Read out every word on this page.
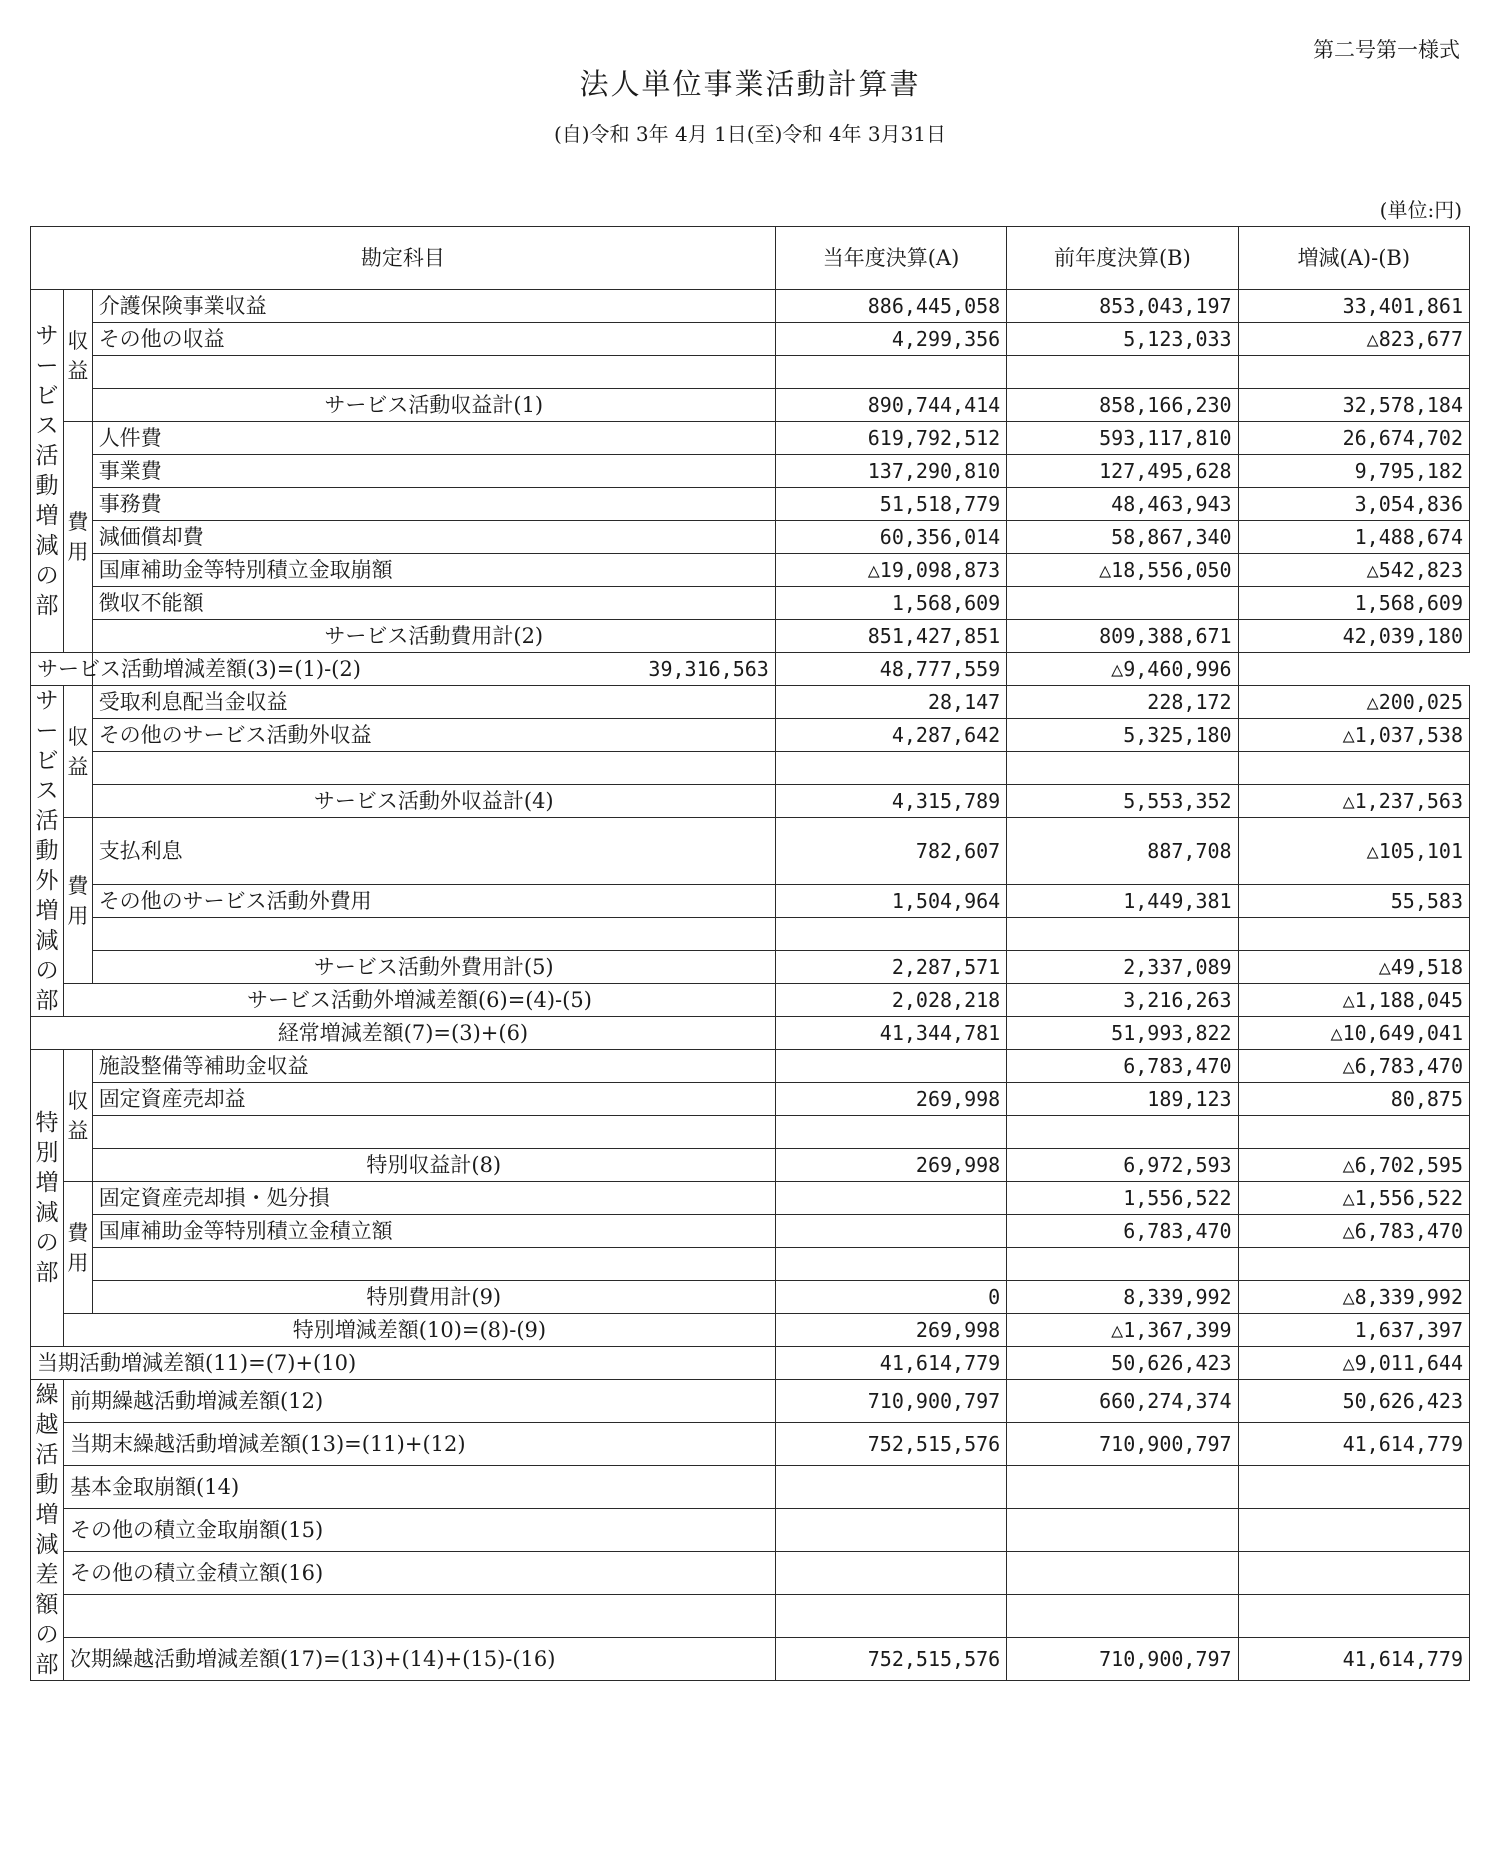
第二号第一様式
法人単位事業活動計算書
(自)令和 3年 4月 1日(至)令和 4年 3月31日
(単位:円)
勘定科目			当年度決算(A)	前年度決算(B)	増減(A)-(B)
サービス活動増減の部	収益	介護保険事業収益	886,445,058	853,043,197	33,401,861
		その他の収益	4,299,356	5,123,033	△823,677

		サービス活動収益計(1)	890,744,414	858,166,230	32,578,184
	費用	人件費	619,792,512	593,117,810	26,674,702
		事業費	137,290,810	127,495,628	9,795,182
		事務費	51,518,779	48,463,943	3,054,836
		減価償却費	60,356,014	58,867,340	1,488,674
		国庫補助金等特別積立金取崩額	△19,098,873	△18,556,050	△542,823
		徴収不能額	1,568,609		1,568,609
		サービス活動費用計(2)	851,427,851	809,388,671	42,039,180
サービス活動増減差額(3)=(1)-(2)		39,316,563	48,777,559	△9,460,996	
サービス活動外増減の部	収益	受取利息配当金収益	28,147	228,172	△200,025
		その他のサービス活動外収益	4,287,642	5,325,180	△1,037,538

		サービス活動外収益計(4)	4,315,789	5,553,352	△1,237,563
	費用	支払利息	782,607	887,708	△105,101
		その他のサービス活動外費用	1,504,964	1,449,381	55,583

		サービス活動外費用計(5)	2,287,571	2,337,089	△49,518
	サービス活動外増減差額(6)=(4)-(5)		2,028,218	3,216,263	△1,188,045
経常増減差額(7)=(3)+(6)			41,344,781	51,993,822	△10,649,041
特別増減の部	収益	施設整備等補助金収益		6,783,470	△6,783,470
		固定資産売却益	269,998	189,123	80,875

		特別収益計(8)	269,998	6,972,593	△6,702,595
	費用	固定資産売却損・処分損		1,556,522	△1,556,522
		国庫補助金等特別積立金積立額		6,783,470	△6,783,470

		特別費用計(9)	0	8,339,992	△8,339,992
	特別増減差額(10)=(8)-(9)		269,998	△1,367,399	1,637,397
当期活動増減差額(11)=(7)+(10)			41,614,779	50,626,423	△9,011,644
繰越活動増減差額の部	前期繰越活動増減差額(12)		710,900,797	660,274,374	50,626,423
	当期末繰越活動増減差額(13)=(11)+(12)		752,515,576	710,900,797	41,614,779
	基本金取崩額(14)				
	その他の積立金取崩額(15)				
	その他の積立金積立額(16)				

	次期繰越活動増減差額(17)=(13)+(14)+(15)-(16)		752,515,576	710,900,797	41,614,779
